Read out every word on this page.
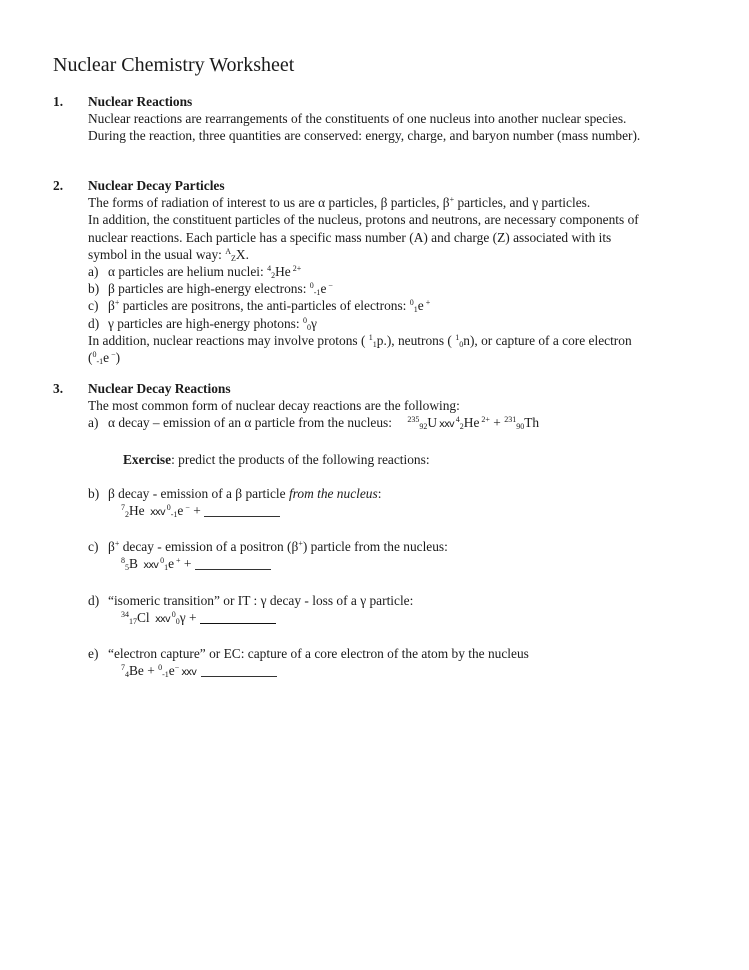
Nuclear Chemistry Worksheet
1. Nuclear Reactions
Nuclear reactions are rearrangements of the constituents of one nucleus into another nuclear species.
During the reaction, three quantities are conserved: energy, charge, and baryon number (mass number).
2. Nuclear Decay Particles
The forms of radiation of interest to us are α particles, β particles, β+ particles, and γ particles.
In addition, the constituent particles of the nucleus, protons and neutrons, are necessary components of
nuclear reactions. Each particle has a specific mass number (A) and charge (Z) associated with its
symbol in the usual way: $^A_Z$X.
a) α particles are helium nuclei: $^4_2$He $^{2+}$
b) β particles are high-energy electrons: $^0_{-1}$e −
c) β+ particles are positrons, the anti-particles of electrons: $^0_1$e +
d) γ particles are high-energy photons: $^0_0$γ
In addition, nuclear reactions may involve protons ( $^1_1$p.), neutrons ( $^1_0$n), or capture of a core electron
($^0_{-1}$e −)
3. Nuclear Decay Reactions
The most common form of nuclear decay reactions are the following:
a) α decay – emission of an α particle from the nucleus: $^{235}_{92}$U xxv $^4_2$He $^{2+}$ + $^{231}_{90}$Th
Exercise: predict the products of the following reactions:
b) β decay - emission of a β particle from the nucleus:
$^7_2$He xxv $^0_{-1}$e − +
c) β+ decay - emission of a positron (β+) particle from the nucleus:
$^8_5$B xxv $^0_1$e + +
d) “isomeric transition” or IT : γ decay - loss of a γ particle:
$^{34}_{17}$Cl xxv $^0_0$γ +
e) “electron capture” or EC: capture of a core electron of the atom by the nucleus
$^7_4$Be + $^0_{-1}$e− xxv
